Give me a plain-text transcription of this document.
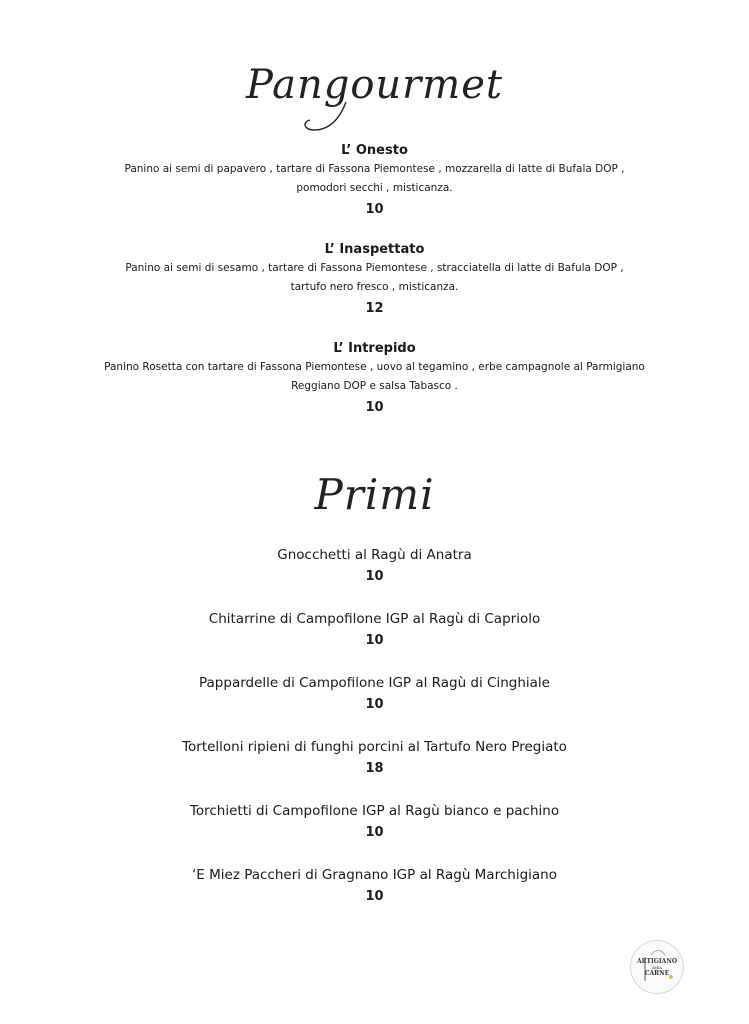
Pangourmet
L’ Onesto
Panino ai semi di papavero , tartare di Fassona Piemontese , mozzarella di latte di Bufala DOP ,
pomodori secchi , misticanza.
10
L’ Inaspettato
Panino ai semi di sesamo , tartare di Fassona Piemontese , stracciatella di latte di Bafula DOP ,
tartufo nero fresco , misticanza.
12
L’ Intrepido
Panino Rosetta con tartare di Fassona Piemontese , uovo al tegamino , erbe campagnole al Parmigiano
Reggiano DOP e salsa Tabasco .
10
Primi
Gnocchetti al Ragù di Anatra
10
Chitarrine di Campofilone IGP al Ragù di Capriolo
10
Pappardelle di Campofilone IGP al Ragù di Cinghiale
10
Tortelloni ripieni di funghi porcini al Tartufo Nero Pregiato
18
Torchietti di Campofilone IGP al Ragù bianco e pachino
10
‘E Miez Paccheri di Gragnano IGP al Ragù Marchigiano
10
ARTIGIANO
della
CARNE
